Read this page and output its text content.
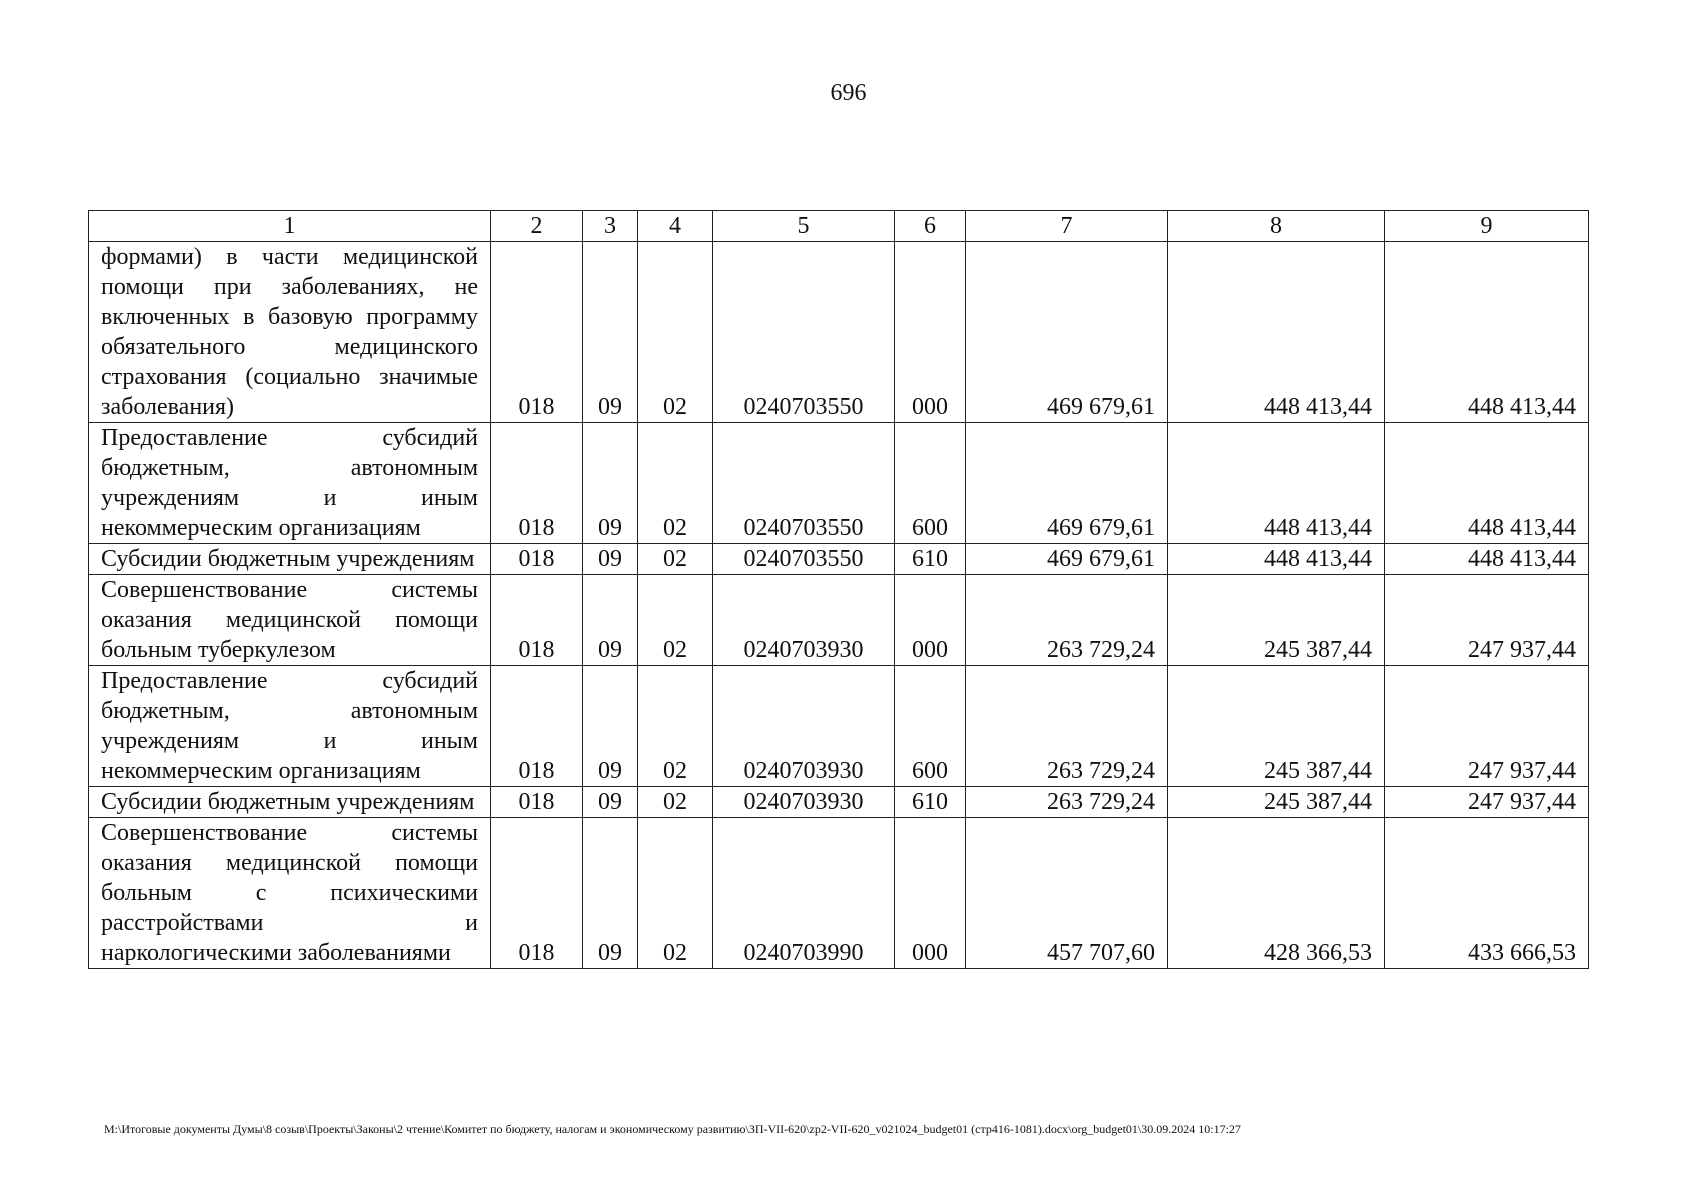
696
1	2	3	4	5	6	7	8	9
формами) в части медицинской помощи при заболеваниях, не включенных в базовую программу обязательного медицинского страхования (социально значимые заболевания)	018	09	02	0240703550	000	469 679,61	448 413,44	448 413,44
Предоставление субсидий бюджетным, автономным учреждениям и иным некоммерческим организациям	018	09	02	0240703550	600	469 679,61	448 413,44	448 413,44
Субсидии бюджетным учреждениям	018	09	02	0240703550	610	469 679,61	448 413,44	448 413,44
Совершенствование системы оказания медицинской помощи больным туберкулезом	018	09	02	0240703930	000	263 729,24	245 387,44	247 937,44
Предоставление субсидий бюджетным, автономным учреждениям и иным некоммерческим организациям	018	09	02	0240703930	600	263 729,24	245 387,44	247 937,44
Субсидии бюджетным учреждениям	018	09	02	0240703930	610	263 729,24	245 387,44	247 937,44
Совершенствование системы оказания медицинской помощи больным с психическими расстройствами и наркологическими заболеваниями	018	09	02	0240703990	000	457 707,60	428 366,53	433 666,53
M:\Итоговые документы Думы\8 созыв\Проекты\Законы\2 чтение\Комитет по бюджету, налогам и экономическому развитию\ЗП-VII-620\zp2-VII-620_v021024_budget01 (стр416-1081).docx\org_budget01\30.09.2024 10:17:27
